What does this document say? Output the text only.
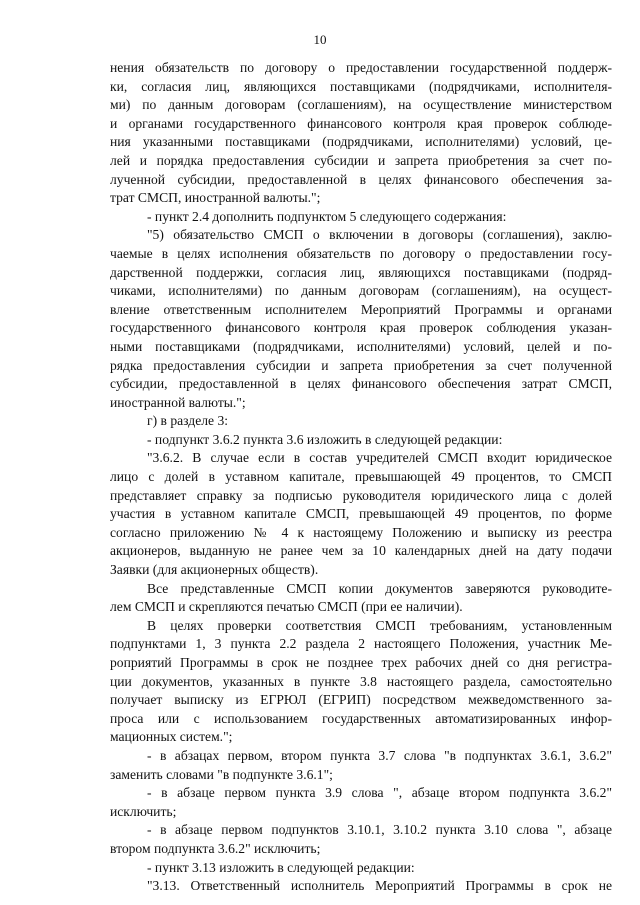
10
нения обязательств по договору о предоставлении государственной поддерж-
ки, согласия лиц, являющихся поставщиками (подрядчиками, исполнителя-
ми) по данным договорам (соглашениям), на осуществление министерством
и органами государственного финансового контроля края проверок соблюде-
ния указанными поставщиками (подрядчиками, исполнителями) условий, це-
лей и порядка предоставления субсидии и запрета приобретения за счет по-
лученной субсидии, предоставленной в целях финансового обеспечения за-
трат СМСП, иностранной валюты.";
- пункт 2.4 дополнить подпунктом 5 следующего содержания:
"5) обязательство СМСП о включении в договоры (соглашения), заклю-
чаемые в целях исполнения обязательств по договору о предоставлении госу-
дарственной поддержки, согласия лиц, являющихся поставщиками (подряд-
чиками, исполнителями) по данным договорам (соглашениям), на осущест-
вление ответственным исполнителем Мероприятий Программы и органами
государственного финансового контроля края проверок соблюдения указан-
ными поставщиками (подрядчиками, исполнителями) условий, целей и по-
рядка предоставления субсидии и запрета приобретения за счет полученной
субсидии, предоставленной в целях финансового обеспечения затрат СМСП,
иностранной валюты.";
г) в разделе 3:
- подпункт 3.6.2 пункта 3.6 изложить в следующей редакции:
"3.6.2. В случае если в состав учредителей СМСП входит юридическое
лицо с долей в уставном капитале, превышающей 49 процентов, то СМСП
представляет справку за подписью руководителя юридического лица с долей
участия в уставном капитале СМСП, превышающей 49 процентов, по форме
согласно приложению № 4 к настоящему Положению и выписку из реестра
акционеров, выданную не ранее чем за 10 календарных дней на дату подачи
Заявки (для акционерных обществ).
Все представленные СМСП копии документов заверяются руководите-
лем СМСП и скрепляются печатью СМСП (при ее наличии).
В целях проверки соответствия СМСП требованиям, установленным
подпунктами 1, 3 пункта 2.2 раздела 2 настоящего Положения, участник Ме-
роприятий Программы в срок не позднее трех рабочих дней со дня регистра-
ции документов, указанных в пункте 3.8 настоящего раздела, самостоятельно
получает выписку из ЕГРЮЛ (ЕГРИП) посредством межведомственного за-
проса или с использованием государственных автоматизированных инфор-
мационных систем.";
- в абзацах первом, втором пункта 3.7 слова "в подпунктах 3.6.1, 3.6.2"
заменить словами "в подпункте 3.6.1";
- в абзаце первом пункта 3.9 слова ", абзаце втором подпункта 3.6.2"
исключить;
- в абзаце первом подпунктов 3.10.1, 3.10.2 пункта 3.10 слова ", абзаце
втором подпункта 3.6.2" исключить;
- пункт 3.13 изложить в следующей редакции:
"3.13. Ответственный исполнитель Мероприятий Программы в срок не
